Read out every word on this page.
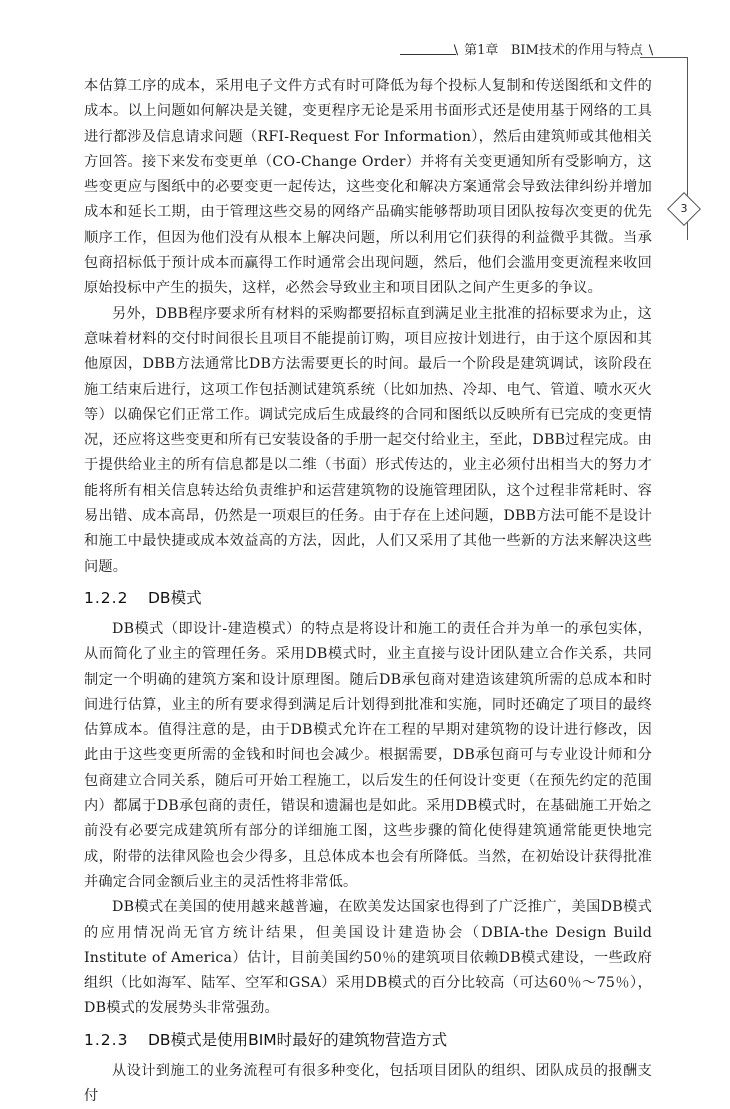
\ 第1章 BIM技术的作用与特点 \
3

本估算工序的成本，采用电子文件方式有时可降低为每个投标人复制和传送图纸和文件的成本。以上问题如何解决是关键，变更程序无论是采用书面形式还是使用基于网络的工具进行都涉及信息请求问题（RFI-Request For Information），然后由建筑师或其他相关方回答。接下来发布变更单（CO-Change Order）并将有关变更通知所有受影响方，这些变更应与图纸中的必要变更一起传达，这些变化和解决方案通常会导致法律纠纷并增加成本和延长工期，由于管理这些交易的网络产品确实能够帮助项目团队按每次变更的优先顺序工作，但因为他们没有从根本上解决问题，所以利用它们获得的利益微乎其微。当承包商招标低于预计成本而赢得工作时通常会出现问题，然后，他们会滥用变更流程来收回原始投标中产生的损失，这样，必然会导致业主和项目团队之间产生更多的争议。

另外，DBB程序要求所有材料的采购都要招标直到满足业主批准的招标要求为止，这意味着材料的交付时间很长且项目不能提前订购，项目应按计划进行，由于这个原因和其他原因，DBB方法通常比DB方法需要更长的时间。最后一个阶段是建筑调试，该阶段在施工结束后进行，这项工作包括测试建筑系统（比如加热、冷却、电气、管道、喷水灭火等）以确保它们正常工作。调试完成后生成最终的合同和图纸以反映所有已完成的变更情况，还应将这些变更和所有已安装设备的手册一起交付给业主，至此，DBB过程完成。由于提供给业主的所有信息都是以二维（书面）形式传达的，业主必须付出相当大的努力才能将所有相关信息转达给负责维护和运营建筑物的设施管理团队，这个过程非常耗时、容易出错、成本高昂，仍然是一项艰巨的任务。由于存在上述问题，DBB方法可能不是设计和施工中最快捷或成本效益高的方法，因此，人们又采用了其他一些新的方法来解决这些问题。

1.2.2 DB模式

DB模式（即设计-建造模式）的特点是将设计和施工的责任合并为单一的承包实体，从而简化了业主的管理任务。采用DB模式时，业主直接与设计团队建立合作关系，共同制定一个明确的建筑方案和设计原理图。随后DB承包商对建造该建筑所需的总成本和时间进行估算，业主的所有要求得到满足后计划得到批准和实施，同时还确定了项目的最终估算成本。值得注意的是，由于DB模式允许在工程的早期对建筑物的设计进行修改，因此由于这些变更所需的金钱和时间也会减少。根据需要，DB承包商可与专业设计师和分包商建立合同关系，随后可开始工程施工，以后发生的任何设计变更（在预先约定的范围内）都属于DB承包商的责任，错误和遗漏也是如此。采用DB模式时，在基础施工开始之前没有必要完成建筑所有部分的详细施工图，这些步骤的简化使得建筑通常能更快地完成，附带的法律风险也会少得多，且总体成本也会有所降低。当然，在初始设计获得批准并确定合同金额后业主的灵活性将非常低。

DB模式在美国的使用越来越普遍，在欧美发达国家也得到了广泛推广，美国DB模式的应用情况尚无官方统计结果，但美国设计建造协会（DBIA-the Design Build Institute of America）估计，目前美国约50％的建筑项目依赖DB模式建设，一些政府组织（比如海军、陆军、空军和GSA）采用DB模式的百分比较高（可达60％～75％），DB模式的发展势头非常强劲。

1.2.3 DB模式是使用BIM时最好的建筑物营造方式

从设计到施工的业务流程可有很多种变化，包括项目团队的组织、团队成员的报酬支付
